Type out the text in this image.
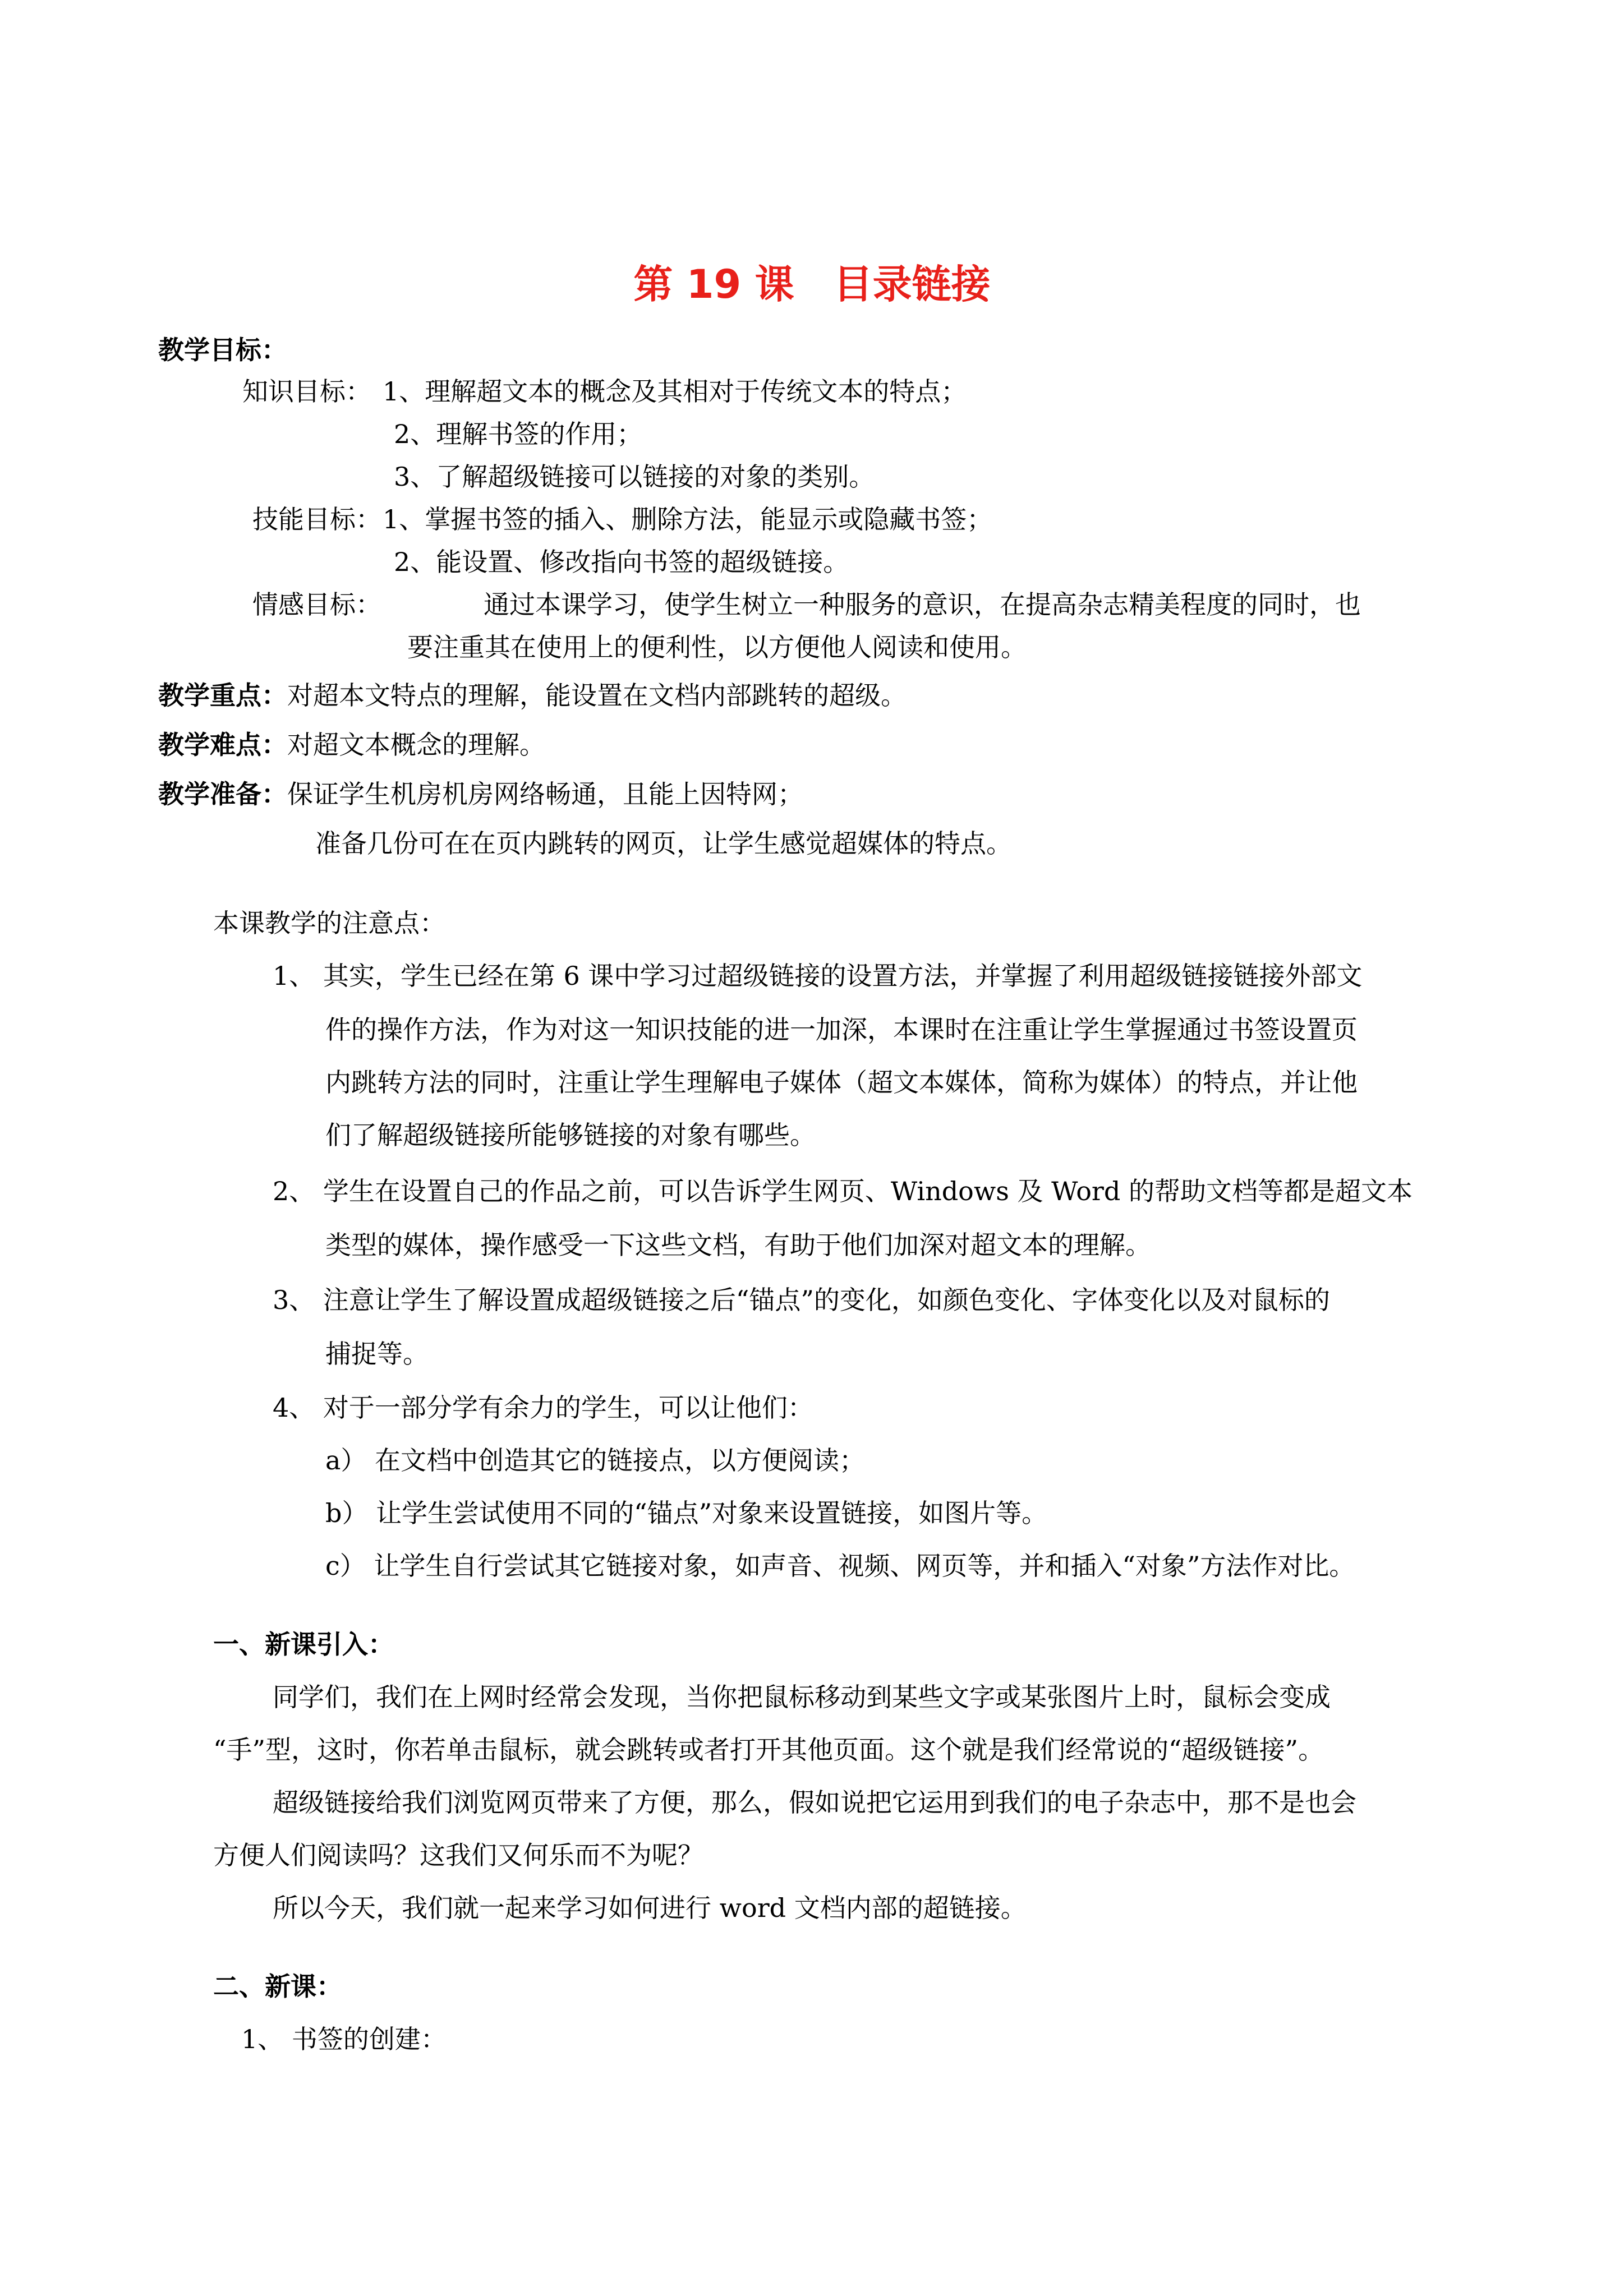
第 19 课　目录链接
教学目标：
知识目标： 1、理解超文本的概念及其相对于传统文本的特点；
2、理解书签的作用；
3、了解超级链接可以链接的对象的类别。
技能目标： 1、掌握书签的插入、删除方法，能显示或隐藏书签；
2、能设置、修改指向书签的超级链接。
情感目标：	通过本课学习，使学生树立一种服务的意识，在提高杂志精美程度的同时，也
要注重其在使用上的便利性，以方便他人阅读和使用。
教学重点：对超本文特点的理解，能设置在文档内部跳转的超级。
教学难点：对超文本概念的理解。
教学准备：保证学生机房机房网络畅通，且能上因特网；
准备几份可在在页内跳转的网页，让学生感觉超媒体的特点。
本课教学的注意点：
1、 其实，学生已经在第 6 课中学习过超级链接的设置方法，并掌握了利用超级链接链接外部文
件的操作方法，作为对这一知识技能的进一加深，本课时在注重让学生掌握通过书签设置页
内跳转方法的同时，注重让学生理解电子媒体（超文本媒体，简称为媒体）的特点，并让他
们了解超级链接所能够链接的对象有哪些。
2、 学生在设置自己的作品之前，可以告诉学生网页、Windows 及 Word 的帮助文档等都是超文本
类型的媒体，操作感受一下这些文档，有助于他们加深对超文本的理解。
3、 注意让学生了解设置成超级链接之后“锚点”的变化，如颜色变化、字体变化以及对鼠标的
捕捉等。
4、 对于一部分学有余力的学生，可以让他们：
a） 在文档中创造其它的链接点，以方便阅读；
b） 让学生尝试使用不同的“锚点”对象来设置链接，如图片等。
c） 让学生自行尝试其它链接对象，如声音、视频、网页等，并和插入“对象”方法作对比。
一、新课引入：
同学们，我们在上网时经常会发现，当你把鼠标移动到某些文字或某张图片上时，鼠标会变成
“手”型，这时，你若单击鼠标，就会跳转或者打开其他页面。这个就是我们经常说的“超级链接”。
超级链接给我们浏览网页带来了方便，那么，假如说把它运用到我们的电子杂志中，那不是也会
方便人们阅读吗？这我们又何乐而不为呢？
所以今天，我们就一起来学习如何进行 word 文档内部的超链接。
二、新课：
1、 书签的创建：
